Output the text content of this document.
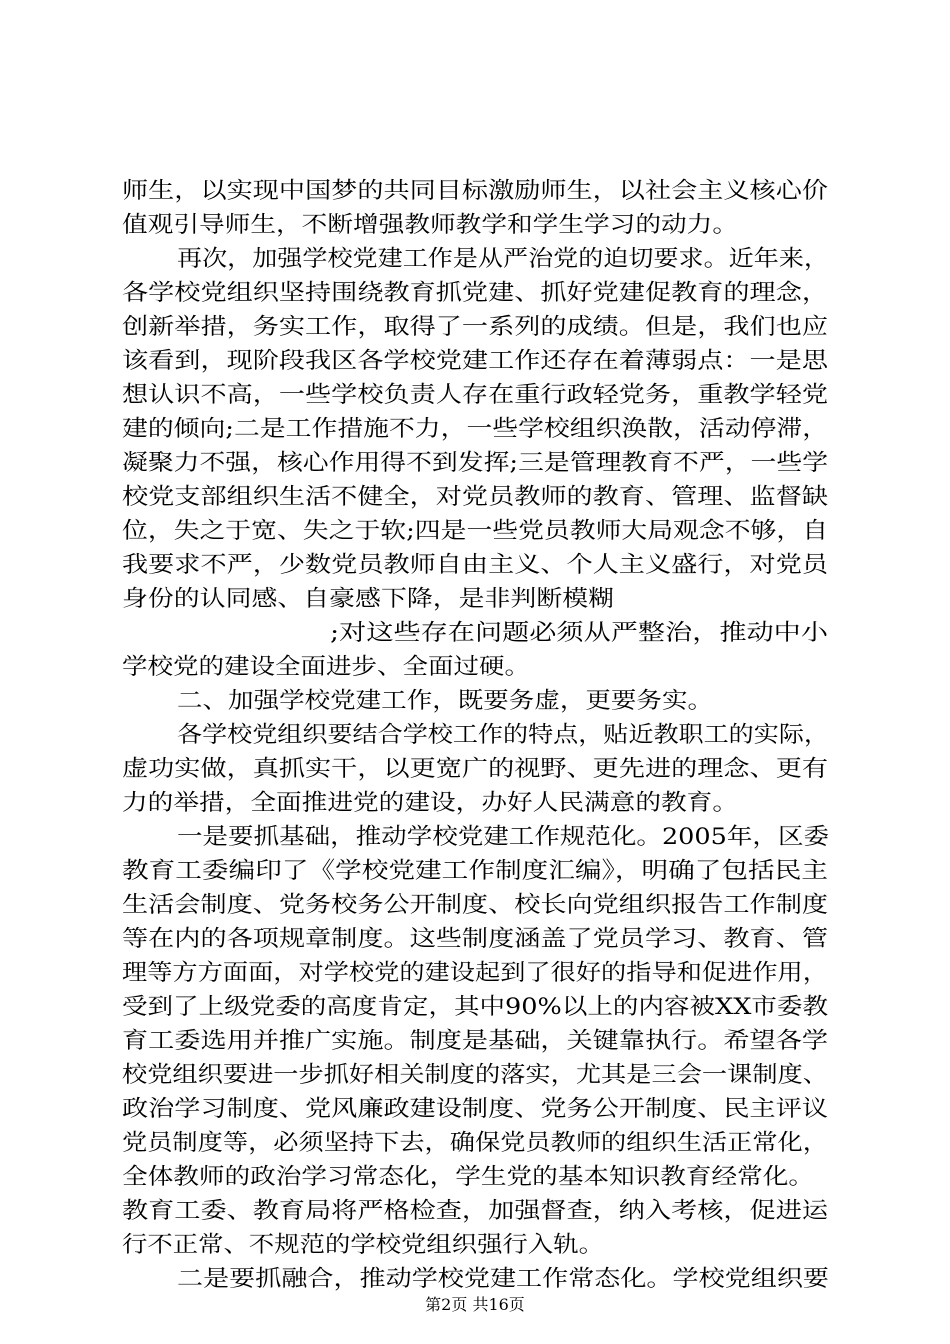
师生，以实现中国梦的共同目标激励师生，以社会主义核心价
值观引导师生，不断增强教师教学和学生学习的动力。
再次，加强学校党建工作是从严治党的迫切要求。近年来，
各学校党组织坚持围绕教育抓党建、抓好党建促教育的理念，
创新举措，务实工作，取得了一系列的成绩。但是，我们也应
该看到，现阶段我区各学校党建工作还存在着薄弱点：一是思
想认识不高，一些学校负责人存在重行政轻党务，重教学轻党
建的倾向;二是工作措施不力，一些学校组织涣散，活动停滞，
凝聚力不强，核心作用得不到发挥;三是管理教育不严，一些学
校党支部组织生活不健全，对党员教师的教育、管理、监督缺
位，失之于宽、失之于软;四是一些党员教师大局观念不够，自
我要求不严，少数党员教师自由主义、个人主义盛行，对党员
身份的认同感、自豪感下降，是非判断模糊
;对这些存在问题必须从严整治，推动中小
学校党的建设全面进步、全面过硬。
二、加强学校党建工作，既要务虚，更要务实。
各学校党组织要结合学校工作的特点，贴近教职工的实际，
虚功实做，真抓实干，以更宽广的视野、更先进的理念、更有
力的举措，全面推进党的建设，办好人民满意的教育。
一是要抓基础，推动学校党建工作规范化。2005年，区委
教育工委编印了《学校党建工作制度汇编》，明确了包括民主
生活会制度、党务校务公开制度、校长向党组织报告工作制度
等在内的各项规章制度。这些制度涵盖了党员学习、教育、管
理等方方面面，对学校党的建设起到了很好的指导和促进作用，
受到了上级党委的高度肯定，其中90%以上的内容被XX市委教
育工委选用并推广实施。制度是基础，关键靠执行。希望各学
校党组织要进一步抓好相关制度的落实，尤其是三会一课制度、
政治学习制度、党风廉政建设制度、党务公开制度、民主评议
党员制度等，必须坚持下去，确保党员教师的组织生活正常化，
全体教师的政治学习常态化，学生党的基本知识教育经常化。
教育工委、教育局将严格检查，加强督查，纳入考核，促进运
行不正常、不规范的学校党组织强行入轨。
二是要抓融合，推动学校党建工作常态化。学校党组织要
第2页 共16页
